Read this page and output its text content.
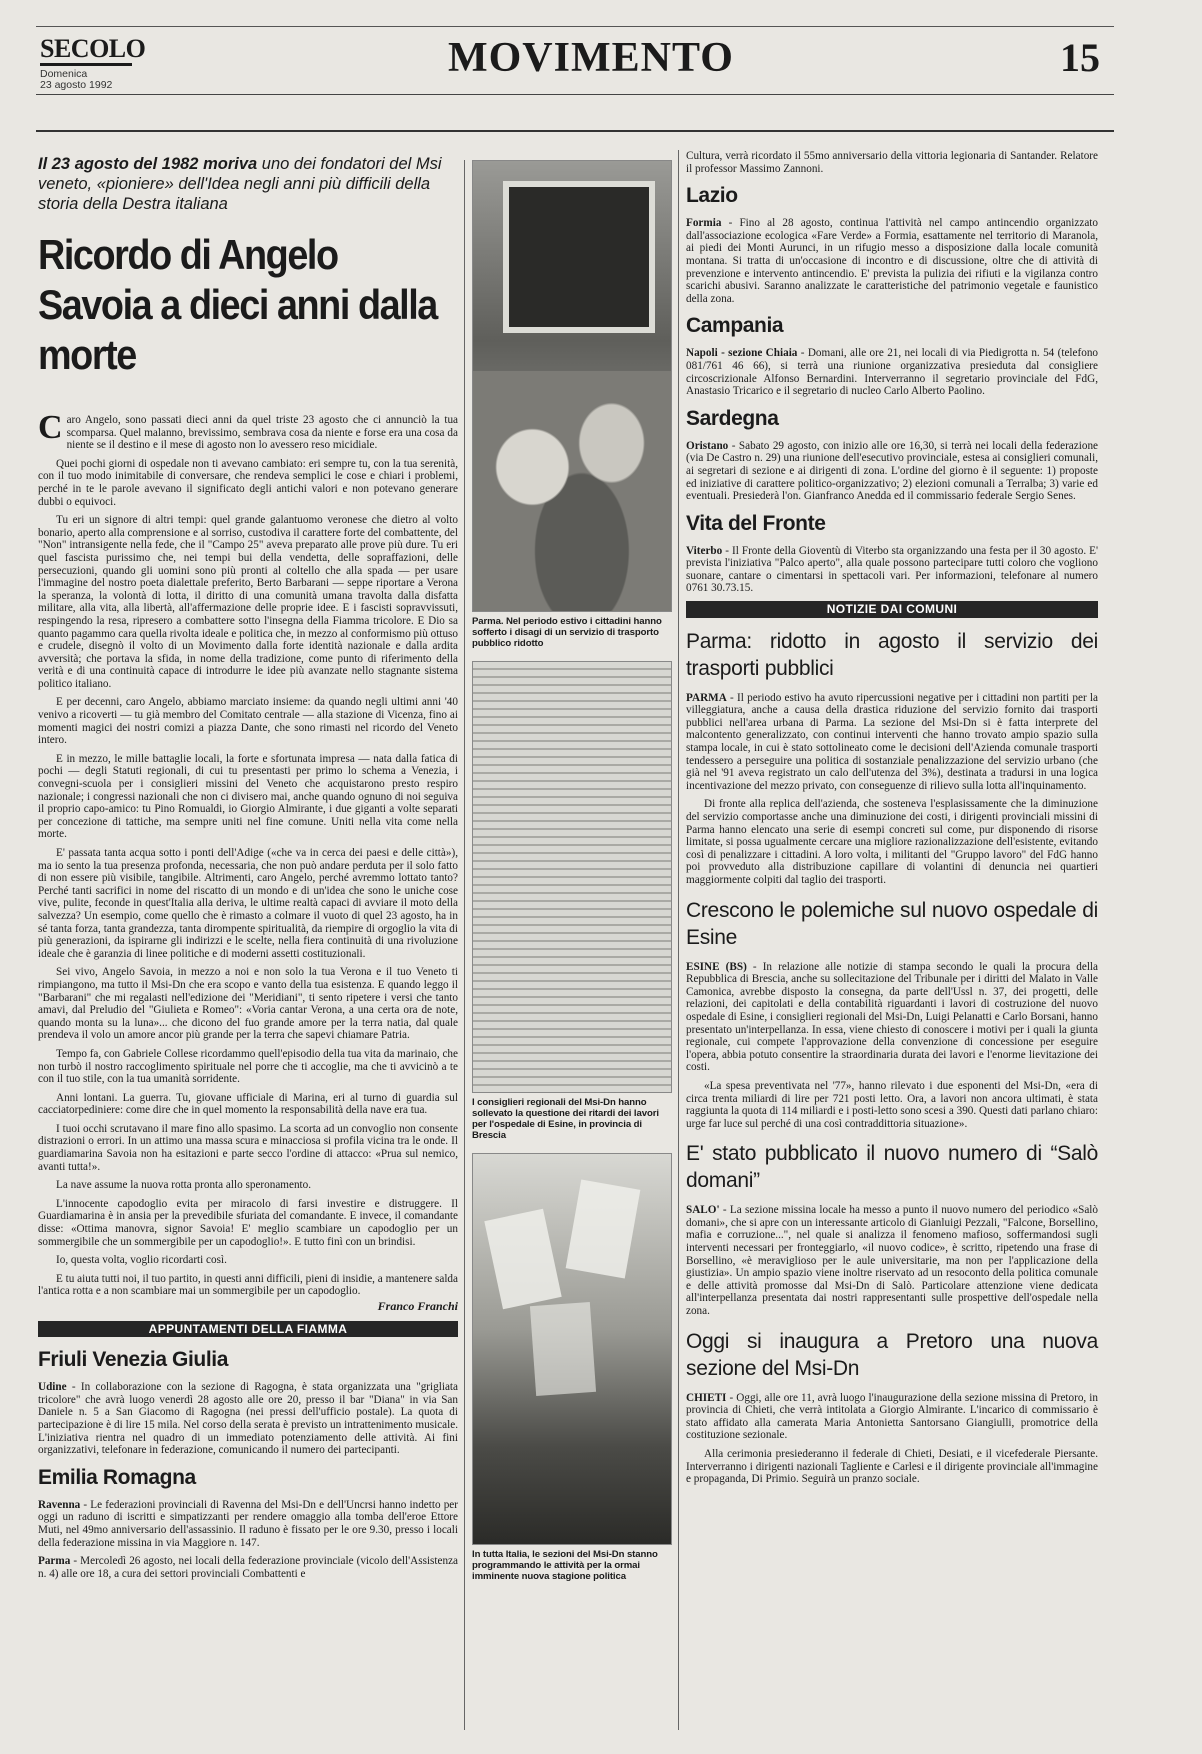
SECOLO
Domenica
23 agosto 1992
MOVIMENTO	15
Il 23 agosto del 1982 moriva uno dei fondatori del Msi veneto, «pioniere» dell'Idea negli anni più difficili della storia della Destra italiana
Ricordo di Angelo Savoia a dieci anni dalla morte

Caro Angelo, sono passati dieci anni da quel triste 23 agosto che ci annunciò la tua scomparsa. Quel malanno, brevissimo, sembrava cosa da niente e forse era una cosa da niente se il destino e il mese di agosto non lo avessero reso micidiale.

Quei pochi giorni di ospedale non ti avevano cambiato: eri sempre tu, con la tua serenità, con il tuo modo inimitabile di conversare, che rendeva semplici le cose e chiari i problemi, perché in te le parole avevano il significato degli antichi valori e non potevano generare dubbi o equivoci.

Tu eri un signore di altri tempi: quel grande galantuomo veronese che dietro al volto bonario, aperto alla comprensione e al sorriso, custodiva il carattere forte del combattente, del "Non" intransigente nella fede, che il "Campo 25" aveva preparato alle prove più dure. Tu eri quel fascista purissimo che, nei tempi bui della vendetta, delle sopraffazioni, delle persecuzioni, quando gli uomini sono più pronti al coltello che alla spada — per usare l'immagine del nostro poeta dialettale preferito, Berto Barbarani — seppe riportare a Verona la speranza, la volontà di lotta, il diritto di una comunità umana travolta dalla disfatta militare, alla vita, alla libertà, all'affermazione delle proprie idee. E i fascisti sopravvissuti, respingendo la resa, ripresero a combattere sotto l'insegna della Fiamma tricolore. E Dio sa quanto pagammo cara quella rivolta ideale e politica che, in mezzo al conformismo più ottuso e crudele, disegnò il volto di un Movimento dalla forte identità nazionale e dalla ardita avversità; che portava la sfida, in nome della tradizione, come punto di riferimento della verità e di una continuità capace di introdurre le idee più avanzate nello stagnante sistema politico italiano.

E per decenni, caro Angelo, abbiamo marciato insieme: da quando negli ultimi anni '40 venivo a ricoverti — tu già membro del Comitato centrale — alla stazione di Vicenza, fino ai momenti magici dei nostri comizi a piazza Dante, che sono rimasti nel ricordo del Veneto intero.

E in mezzo, le mille battaglie locali, la forte e sfortunata impresa — nata dalla fatica di pochi — degli Statuti regionali, di cui tu presentasti per primo lo schema a Venezia, i convegni-scuola per i consiglieri missini del Veneto che acquistarono presto respiro nazionale; i congressi nazionali che non ci divisero mai, anche quando ognuno di noi seguiva il proprio capo-amico: tu Pino Romualdi, io Giorgio Almirante, i due giganti a volte separati per concezione di tattiche, ma sempre uniti nel fine comune. Uniti nella vita come nella morte.

E' passata tanta acqua sotto i ponti dell'Adige («che va in cerca dei paesi e delle città»), ma io sento la tua presenza profonda, necessaria, che non può andare perduta per il solo fatto di non essere più visibile, tangibile. Altrimenti, caro Angelo, perché avremmo lottato tanto? Perché tanti sacrifici in nome del riscatto di un mondo e di un'idea che sono le uniche cose vive, pulite, feconde in quest'Italia alla deriva, le ultime realtà capaci di avviare il moto della salvezza? Un esempio, come quello che è rimasto a colmare il vuoto di quel 23 agosto, ha in sé tanta forza, tanta grandezza, tanta dirompente spiritualità, da riempire di orgoglio la vita di più generazioni, da ispirarne gli indirizzi e le scelte, nella fiera continuità di una rivoluzione ideale che è garanzia di linee politiche e di moderni assetti costituzionali.

Sei vivo, Angelo Savoia, in mezzo a noi e non solo la tua Verona e il tuo Veneto ti rimpiangono, ma tutto il Msi-Dn che era scopo e vanto della tua esistenza. E quando leggo il "Barbarani" che mi regalasti nell'edizione dei "Meridiani", ti sento ripetere i versi che tanto amavi, dal Preludio del "Giulieta e Romeo": «Voria cantar Verona, a una certa ora de note, quando monta su la luna»... che dicono del fuo grande amore per la terra natia, dal quale prendeva il volo un amore ancor più grande per la terra che sapevi chiamare Patria.

Tempo fa, con Gabriele Collese ricordammo quell'episodio della tua vita da marinaio, che non turbò il nostro raccoglimento spirituale nel porre che ti accoglie, ma che ti avvicinò a te con il tuo stile, con la tua umanità sorridente.

Anni lontani. La guerra. Tu, giovane ufficiale di Marina, eri al turno di guardia sul cacciatorpediniere: come dire che in quel momento la responsabilità della nave era tua.

I tuoi occhi scrutavano il mare fino allo spasimo. La scorta ad un convoglio non consente distrazioni o errori. In un attimo una massa scura e minacciosa si profila vicina tra le onde. Il guardiamarina Savoia non ha esitazioni e parte secco l'ordine di attacco: «Prua sul nemico, avanti tutta!».

La nave assume la nuova rotta pronta allo speronamento.

L'innocente capodoglio evita per miracolo di farsi investire e distruggere. Il Guardiamarina è in ansia per la prevedibile sfuriata del comandante. E invece, il comandante disse: «Ottima manovra, signor Savoia! E' meglio scambiare un capodoglio per un sommergibile che un sommergibile per un capodoglio!». E tutto finì con un brindisi.

Io, questa volta, voglio ricordarti così.

E tu aiuta tutti noi, il tuo partito, in questi anni difficili, pieni di insidie, a mantenere salda l'antica rotta e a non scambiare mai un sommergibile per un capodoglio.

Franco Franchi
APPUNTAMENTI DELLA FIAMMA
Friuli Venezia Giulia

Udine - In collaborazione con la sezione di Ragogna, è stata organizzata una "grigliata tricolore" che avrà luogo venerdì 28 agosto alle ore 20, presso il bar "Diana" in via San Daniele n. 5 a San Giacomo di Ragogna (nei pressi dell'ufficio postale). La quota di partecipazione è di lire 15 mila. Nel corso della serata è previsto un intrattenimento musicale. L'iniziativa rientra nel quadro di un immediato potenziamento delle attività. Ai fini organizzativi, telefonare in federazione, comunicando il numero dei partecipanti.

Emilia Romagna

Ravenna - Le federazioni provinciali di Ravenna del Msi-Dn e dell'Uncrsi hanno indetto per oggi un raduno di iscritti e simpatizzanti per rendere omaggio alla tomba dell'eroe Ettore Muti, nel 49mo anniversario dell'assassinio. Il raduno è fissato per le ore 9.30, presso i locali della federazione missina in via Maggiore n. 147.

Parma - Mercoledì 26 agosto, nei locali della federazione provinciale (vicolo dell'Assistenza n. 4) alle ore 18, a cura dei settori provinciali Combattenti e

Parma. Nel periodo estivo i cittadini hanno sofferto i disagi di un servizio di trasporto pubblico ridotto
I consiglieri regionali del Msi-Dn hanno sollevato la questione dei ritardi dei lavori per l'ospedale di Esine, in provincia di Brescia
In tutta Italia, le sezioni del Msi-Dn stanno programmando le attività per la ormai imminente nuova stagione politica

Cultura, verrà ricordato il 55mo anniversario della vittoria legionaria di Santander. Relatore il professor Massimo Zannoni.

Lazio

Formia - Fino al 28 agosto, continua l'attività nel campo antincendio organizzato dall'associazione ecologica «Fare Verde» a Formia, esattamente nel territorio di Maranola, ai piedi dei Monti Aurunci, in un rifugio messo a disposizione dalla locale comunità montana. Si tratta di un'occasione di incontro e di discussione, oltre che di attività di prevenzione e intervento antincendio. E' prevista la pulizia dei rifiuti e la vigilanza contro scarichi abusivi. Saranno analizzate le caratteristiche del patrimonio vegetale e faunistico della zona.

Campania

Napoli - sezione Chiaia - Domani, alle ore 21, nei locali di via Piedigrotta n. 54 (telefono 081/761 46 66), si terrà una riunione organizzativa presieduta dal consigliere circoscrizionale Alfonso Bernardini. Interverranno il segretario provinciale del FdG, Anastasio Tricarico e il segretario di nucleo Carlo Alberto Paolino.

Sardegna

Oristano - Sabato 29 agosto, con inizio alle ore 16,30, si terrà nei locali della federazione (via De Castro n. 29) una riunione dell'esecutivo provinciale, estesa ai consiglieri comunali, ai segretari di sezione e ai dirigenti di zona. L'ordine del giorno è il seguente: 1) proposte ed iniziative di carattere politico-organizzativo; 2) elezioni comunali a Terralba; 3) varie ed eventuali. Presiederà l'on. Gianfranco Anedda ed il commissario federale Sergio Senes.

Vita del Fronte

Viterbo - Il Fronte della Gioventù di Viterbo sta organizzando una festa per il 30 agosto. E' prevista l'iniziativa "Palco aperto", alla quale possono partecipare tutti coloro che vogliono suonare, cantare o cimentarsi in spettacoli vari. Per informazioni, telefonare al numero 0761 30.73.15.

NOTIZIE DAI COMUNI
Parma: ridotto in agosto il servizio dei trasporti pubblici

PARMA - Il periodo estivo ha avuto ripercussioni negative per i cittadini non partiti per la villeggiatura, anche a causa della drastica riduzione del servizio fornito dai trasporti pubblici nell'area urbana di Parma. La sezione del Msi-Dn si è fatta interprete del malcontento generalizzato, con continui interventi che hanno trovato ampio spazio sulla stampa locale, in cui è stato sottolineato come le decisioni dell'Azienda comunale trasporti tendessero a perseguire una politica di sostanziale penalizzazione del servizio urbano (che già nel '91 aveva registrato un calo dell'utenza del 3%), destinata a tradursi in una logica incentivazione del mezzo privato, con conseguenze di rilievo sulla lotta all'inquinamento.

Di fronte alla replica dell'azienda, che sosteneva l'esplasissamente che la diminuzione del servizio comportasse anche una diminuzione dei costi, i dirigenti provinciali missini di Parma hanno elencato una serie di esempi concreti sul come, pur disponendo di risorse limitate, si possa ugualmente cercare una migliore razionalizzazione dell'esistente, evitando così di penalizzare i cittadini. A loro volta, i militanti del "Gruppo lavoro" del FdG hanno poi provveduto alla distribuzione capillare di volantini di denuncia nei quartieri maggiormente colpiti dal taglio dei trasporti.

Crescono le polemiche sul nuovo ospedale di Esine

ESINE (BS) - In relazione alle notizie di stampa secondo le quali la procura della Repubblica di Brescia, anche su sollecitazione del Tribunale per i diritti del Malato in Valle Camonica, avrebbe disposto la consegna, da parte dell'Ussl n. 37, dei progetti, delle relazioni, dei capitolati e della contabilità riguardanti i lavori di costruzione del nuovo ospedale di Esine, i consiglieri regionali del Msi-Dn, Luigi Pelanatti e Carlo Borsani, hanno presentato un'interpellanza. In essa, viene chiesto di conoscere i motivi per i quali la giunta regionale, cui compete l'approvazione della convenzione di concessione per eseguire l'opera, abbia potuto consentire la straordinaria durata dei lavori e l'enorme lievitazione dei costi.

«La spesa preventivata nel '77», hanno rilevato i due esponenti del Msi-Dn, «era di circa trenta miliardi di lire per 721 posti letto. Ora, a lavori non ancora ultimati, è stata raggiunta la quota di 114 miliardi e i posti-letto sono scesi a 390. Questi dati parlano chiaro: urge far luce sul perché di una così contraddittoria situazione».

E' stato pubblicato il nuovo numero di “Salò domani”

SALO' - La sezione missina locale ha messo a punto il nuovo numero del periodico «Salò domani», che si apre con un interessante articolo di Gianluigi Pezzali, "Falcone, Borsellino, mafia e corruzione...", nel quale si analizza il fenomeno mafioso, soffermandosi sugli interventi necessari per fronteggiarlo, «il nuovo codice», è scritto, ripetendo una frase di Borsellino, «è meraviglioso per le aule universitarie, ma non per l'applicazione della giustizia». Un ampio spazio viene inoltre riservato ad un resoconto della politica comunale e delle attività promosse dal Msi-Dn di Salò. Particolare attenzione viene dedicata all'interpellanza presentata dai nostri rappresentanti sulle prospettive dell'ospedale nella zona.

Oggi si inaugura a Pretoro una nuova sezione del Msi-Dn

CHIETI - Oggi, alle ore 11, avrà luogo l'inaugurazione della sezione missina di Pretoro, in provincia di Chieti, che verrà intitolata a Giorgio Almirante. L'incarico di commissario è stato affidato alla camerata Maria Antonietta Santorsano Giangiulli, promotrice della costituzione sezionale.

Alla cerimonia presiederanno il federale di Chieti, Desiati, e il vicefederale Piersante. Interverranno i dirigenti nazionali Tagliente e Carlesi e il dirigente provinciale all'immagine e propaganda, Di Primio. Seguirà un pranzo sociale.
